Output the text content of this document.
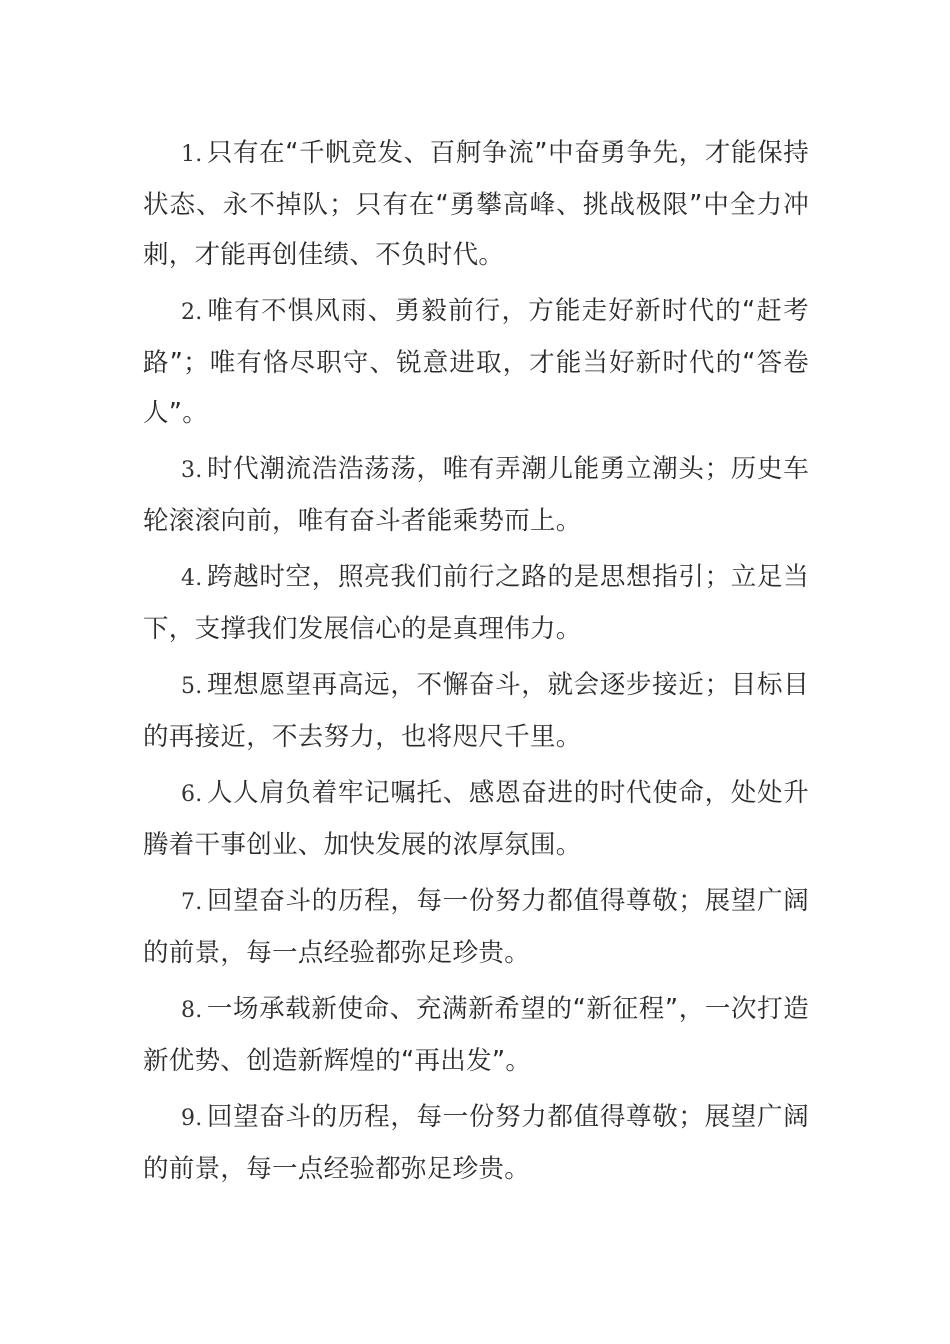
1. 只有在“千帆竞发、百舸争流”中奋勇争先，才能保持状态、永不掉队；只有在“勇攀高峰、挑战极限”中全力冲刺，才能再创佳绩、不负时代。

2. 唯有不惧风雨、勇毅前行，方能走好新时代的“赶考路”；唯有恪尽职守、锐意进取，才能当好新时代的“答卷人”。

3. 时代潮流浩浩荡荡，唯有弄潮儿能勇立潮头；历史车轮滚滚向前，唯有奋斗者能乘势而上。

4. 跨越时空，照亮我们前行之路的是思想指引；立足当下，支撑我们发展信心的是真理伟力。

5. 理想愿望再高远，不懈奋斗，就会逐步接近；目标目的再接近，不去努力，也将咫尺千里。

6. 人人肩负着牢记嘱托、感恩奋进的时代使命，处处升腾着干事创业、加快发展的浓厚氛围。

7. 回望奋斗的历程，每一份努力都值得尊敬；展望广阔的前景，每一点经验都弥足珍贵。

8. 一场承载新使命、充满新希望的“新征程”，一次打造新优势、创造新辉煌的“再出发”。

9. 回望奋斗的历程，每一份努力都值得尊敬；展望广阔的前景，每一点经验都弥足珍贵。
